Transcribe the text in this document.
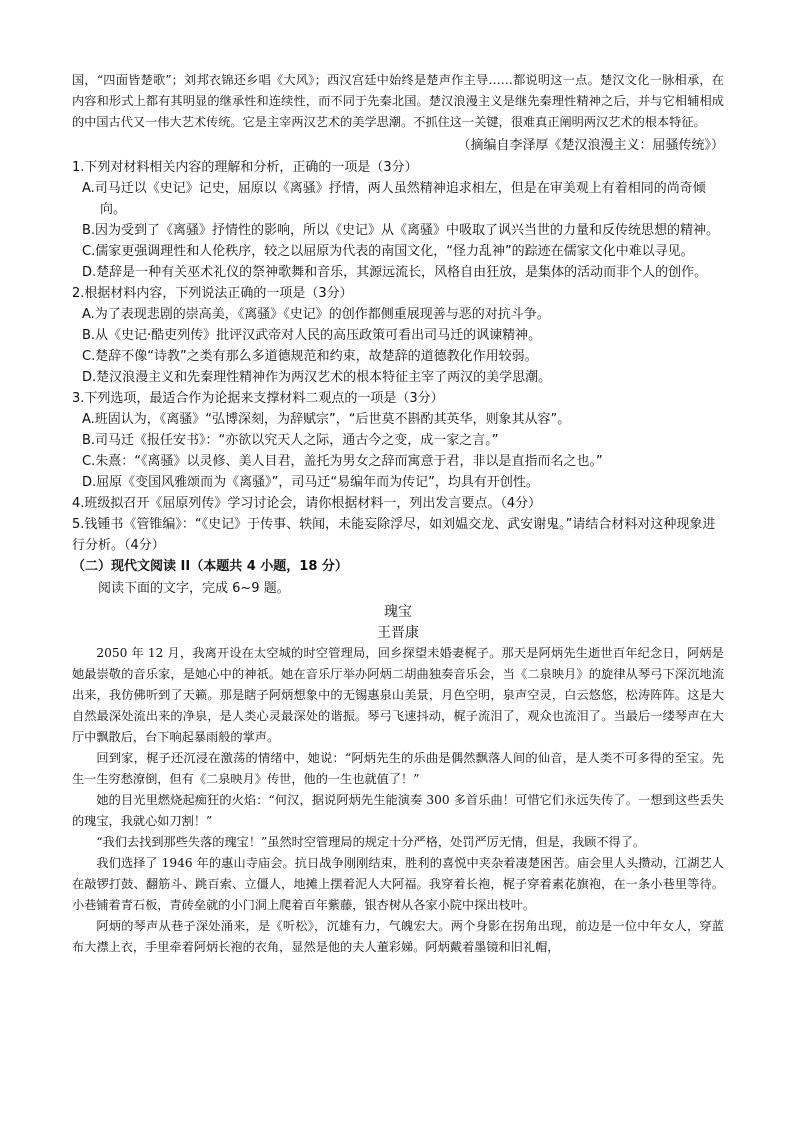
国，“四面皆楚歌”；刘邦衣锦还乡唱《大风》；西汉宫廷中始终是楚声作主导……都说明这一点。楚汉文化一脉相承，在内容和形式上都有其明显的继承性和连续性，而不同于先秦北国。楚汉浪漫主义是继先秦理性精神之后，并与它相辅相成的中国古代又一伟大艺术传统。它是主宰两汉艺术的美学思潮。不抓住这一关键，很难真正阐明两汉艺术的根本特征。

（摘编自李泽厚《楚汉浪漫主义：屈骚传统》）

1.下列对材料相关内容的理解和分析，正确的一项是（3分）

A.司马迁以《史记》记史，屈原以《离骚》抒情，两人虽然精神追求相左，但是在审美观上有着相同的尚奇倾向。

B.因为受到了《离骚》抒情性的影响，所以《史记》从《离骚》中吸取了讽兴当世的力量和反传统思想的精神。

C.儒家更强调理性和人伦秩序，较之以屈原为代表的南国文化，“怪力乱神”的踪迹在儒家文化中难以寻见。

D.楚辞是一种有关巫术礼仪的祭神歌舞和音乐，其源远流长，风格自由狂放，是集体的活动而非个人的创作。

2.根据材料内容，下列说法正确的一项是（3分）

A.为了表现悲剧的崇高美，《离骚》《史记》的创作都侧重展现善与恶的对抗斗争。

B.从《史记·酷吏列传》批评汉武帝对人民的高压政策可看出司马迁的讽谏精神。

C.楚辞不像“诗教”之类有那么多道德规范和约束，故楚辞的道德教化作用较弱。

D.楚汉浪漫主义和先秦理性精神作为两汉艺术的根本特征主宰了两汉的美学思潮。

3.下列选项，最适合作为论据来支撑材料二观点的一项是（3分）

A.班固认为，《离骚》“弘博深刻，为辞赋宗”，“后世莫不斟酌其英华，则象其从容”。

B.司马迁《报任安书》：“亦欲以究天人之际，通古今之变，成一家之言。”

C.朱熹：“《离骚》以灵修、美人目君，盖托为男女之辞而寓意于君，非以是直指而名之也。”

D.屈原《变国风雅颂而为《离骚》”，司马迁“易编年而为传记”，均具有开创性。

4.班级拟召开《屈原列传》学习讨论会，请你根据材料一，列出发言要点。（4分）

5.钱锺书《管锥编》：“《史记》于传事、轶闻，未能妄除浮尽，如刘媪交龙、武安谢鬼。”请结合材料对这种现象进行分析。（4分）

（二）现代文阅读 II（本题共 4 小题，18 分）

阅读下面的文字，完成 6~9 题。

瑰宝

王晋康

2050 年 12 月，我离开设在太空城的时空管理局，回乡探望未婚妻梶子。那天是阿炳先生逝世百年纪念日，阿炳是她最崇敬的音乐家，是她心中的神祇。她在音乐厅举办阿炳二胡曲独奏音乐会，当《二泉映月》的旋律从琴弓下深沉地流出来，我仿佛听到了天籁。那是瞎子阿炳想象中的无锡惠泉山美景，月色空明，泉声空灵，白云悠悠，松涛阵阵。这是大自然最深处流出来的净泉，是人类心灵最深处的谐振。琴弓飞速抖动，梶子流泪了，观众也流泪了。当最后一缕琴声在大厅中飘散后，台下响起暴雨般的掌声。

回到家，梶子还沉浸在激荡的情绪中，她说：“阿炳先生的乐曲是偶然飘落人间的仙音，是人类不可多得的至宝。先生一生穷愁潦倒，但有《二泉映月》传世，他的一生也就值了！”

她的目光里燃烧起痴狂的火焰：“何汉，据说阿炳先生能演奏 300 多首乐曲！可惜它们永远失传了。一想到这些丢失的瑰宝，我就心如刀割！”

“我们去找到那些失落的瑰宝！”虽然时空管理局的规定十分严格，处罚严厉无情，但是，我顾不得了。

我们选择了 1946 年的惠山寺庙会。抗日战争刚刚结束，胜利的喜悦中夹杂着凄楚困苦。庙会里人头攒动，江湖艺人在敲锣打鼓、翻筋斗、跳百索、立僵人，地摊上摆着泥人大阿福。我穿着长袍，梶子穿着素花旗袍，在一条小巷里等待。小巷铺着青石板，青砖垒就的小门洞上爬着百年紫藤，银杏树从各家小院中探出枝叶。

阿炳的琴声从巷子深处涌来，是《听松》，沉雄有力，气魄宏大。两个身影在拐角出现，前边是一位中年女人，穿蓝布大襟上衣，手里牵着阿炳长袍的衣角，显然是他的夫人董彩娣。阿炳戴着墨镜和旧礼帽，
